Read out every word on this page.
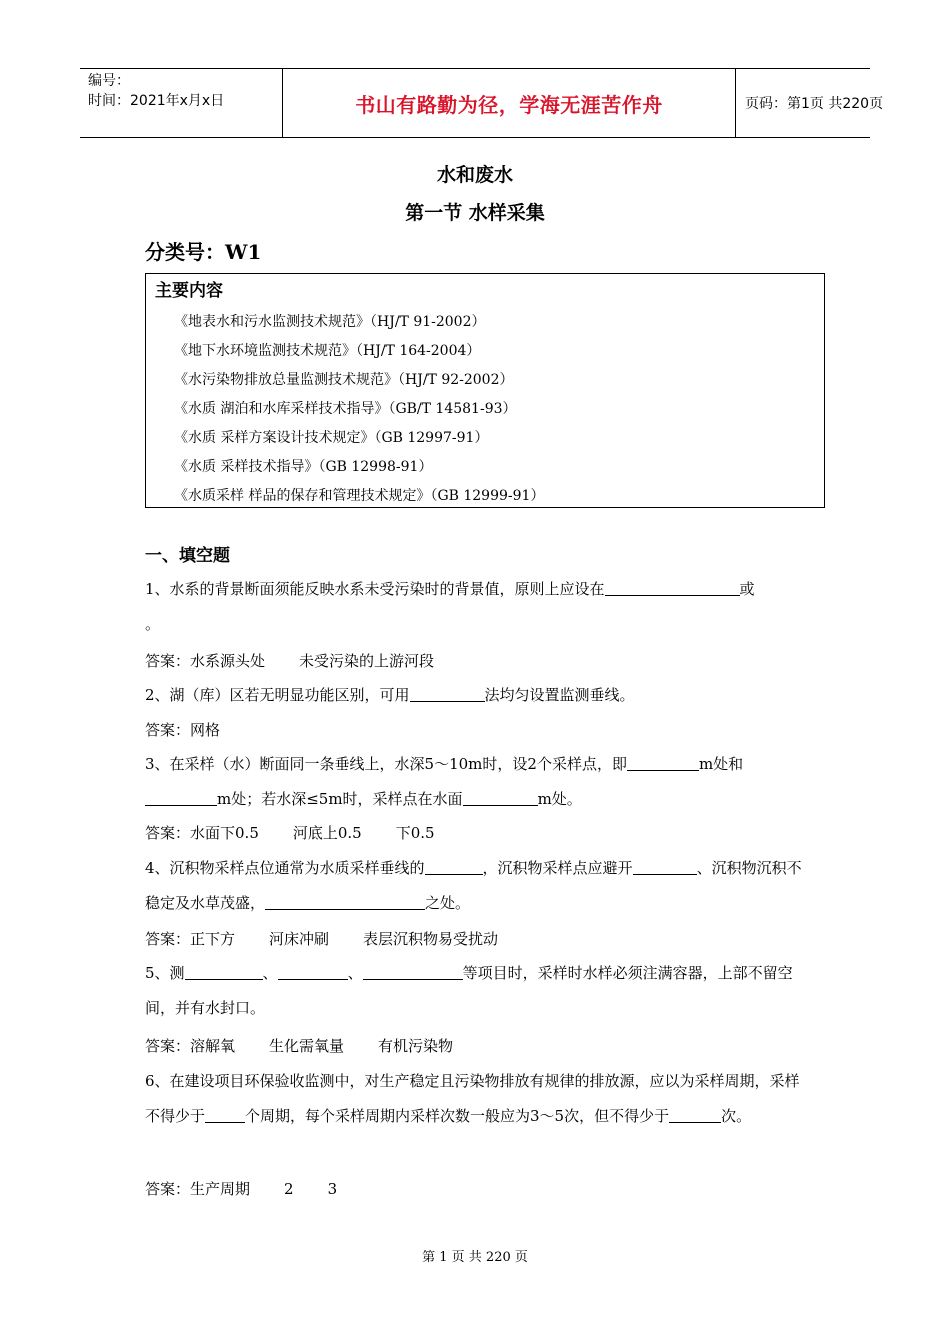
编号：
时间：2021年x月x日	书山有路勤为径，学海无涯苦作舟	页码：第1页 共220页
水和废水
第一节 水样采集
分类号：W1
主要内容
《地表水和污水监测技术规范》（HJ/T 91-2002）
《地下水环境监测技术规范》（HJ/T 164-2004）
《水污染物排放总量监测技术规范》（HJ/T 92-2002）
《水质 湖泊和水库采样技术指导》（GB/T 14581-93）
《水质 采样方案设计技术规定》（GB 12997-91）
《水质 采样技术指导》（GB 12998-91）
《水质采样 样品的保存和管理技术规定》（GB 12999-91）
一、填空题
1、水系的背景断面须能反映水系未受污染时的背景值，原则上应设在	或
。
答案：水系源头处 未受污染的上游河段
2、湖（库）区若无明显功能区别，可用	法均匀设置监测垂线。
答案：网格
3、在采样（水）断面同一条垂线上，水深5～10m时，设2个采样点，即	m处和
m处；若水深≤5m时，采样点在水面	m处。
答案：水面下0.5 河底上0.5 下0.5
4、沉积物采样点位通常为水质采样垂线的	，沉积物采样点应避开	、沉积物沉积不稳定及水草茂盛，	之处。
答案：正下方 河床冲刷 表层沉积物易受扰动
5、测	、	、	等项目时，采样时水样必须注满容器，上部不留空间，并有水封口。
答案：溶解氧 生化需氧量 有机污染物
6、在建设项目环保验收监测中，对生产稳定且污染物排放有规律的排放源，应以为采样周期，采样不得少于	个周期，每个采样周期内采样次数一般应为3～5次，但不得少于	次。
答案：生产周期 2 3
第 1 页 共 220 页
